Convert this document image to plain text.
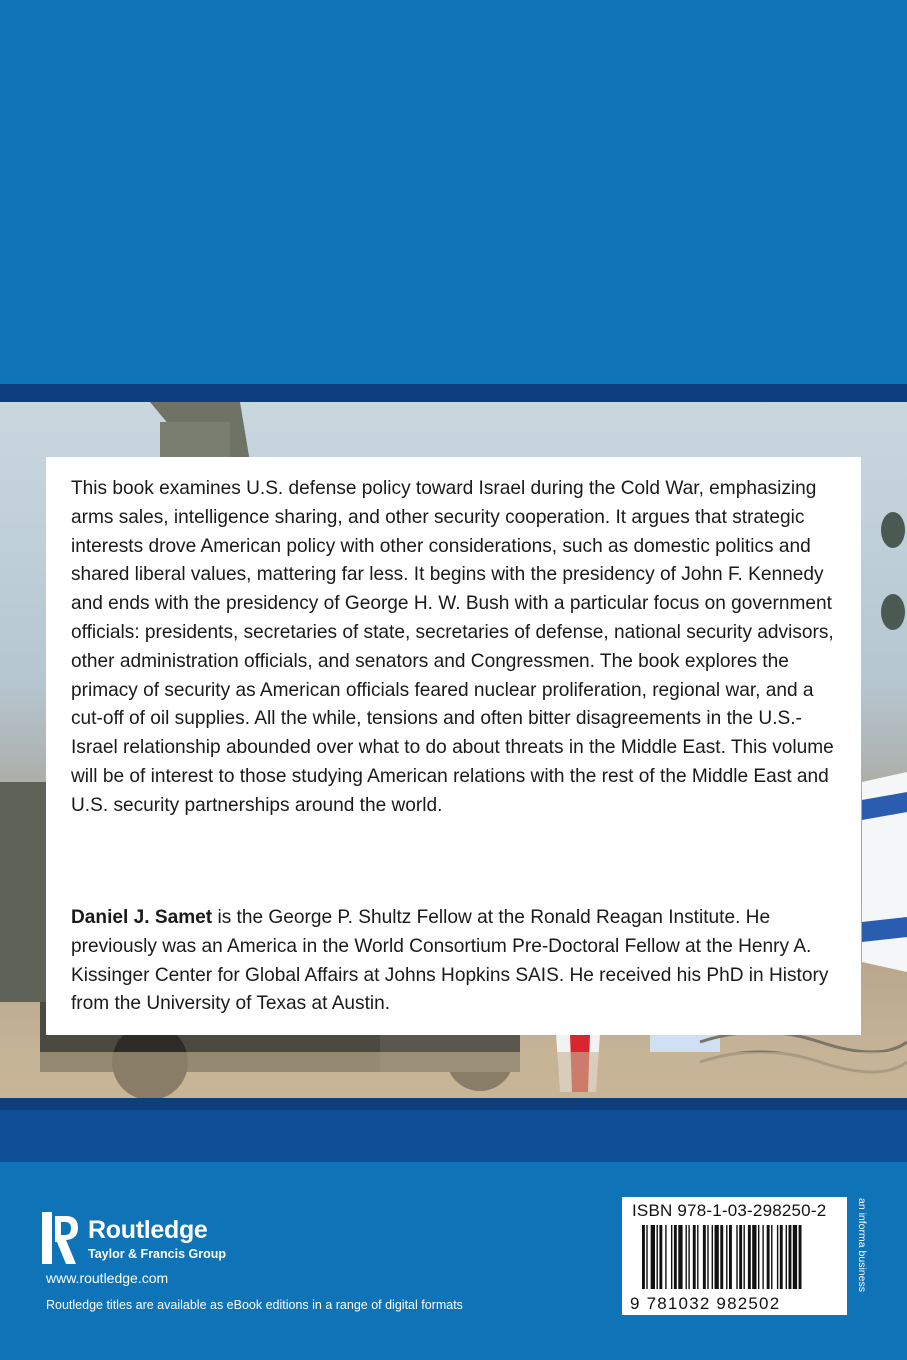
This book examines U.S. defense policy toward Israel during the Cold War, emphasizing arms sales, intelligence sharing, and other security cooperation. It argues that strategic interests drove American policy with other considerations, such as domestic politics and shared liberal values, mattering far less. It begins with the presidency of John F. Kennedy and ends with the presidency of George H. W. Bush with a particular focus on government officials: presidents, secretaries of state, secretaries of defense, national security advisors, other administration officials, and senators and Congressmen. The book explores the primacy of security as American officials feared nuclear proliferation, regional war, and a cut-off of oil supplies. All the while, tensions and often bitter disagreements in the U.S.-Israel relationship abounded over what to do about threats in the Middle East. This volume will be of interest to those studying American relations with the rest of the Middle East and U.S. security partnerships around the world.

Daniel J. Samet is the George P. Shultz Fellow at the Ronald Reagan Institute. He previously was an America in the World Consortium Pre-Doctoral Fellow at the Henry A. Kissinger Center for Global Affairs at Johns Hopkins SAIS. He received his PhD in History from the University of Texas at Austin.

Routledge
Taylor & Francis Group
www.routledge.com
Routledge titles are available as eBook editions in a range of digital formats
ISBN 978-1-03-298250-2
9 781032 982502
an informa business
